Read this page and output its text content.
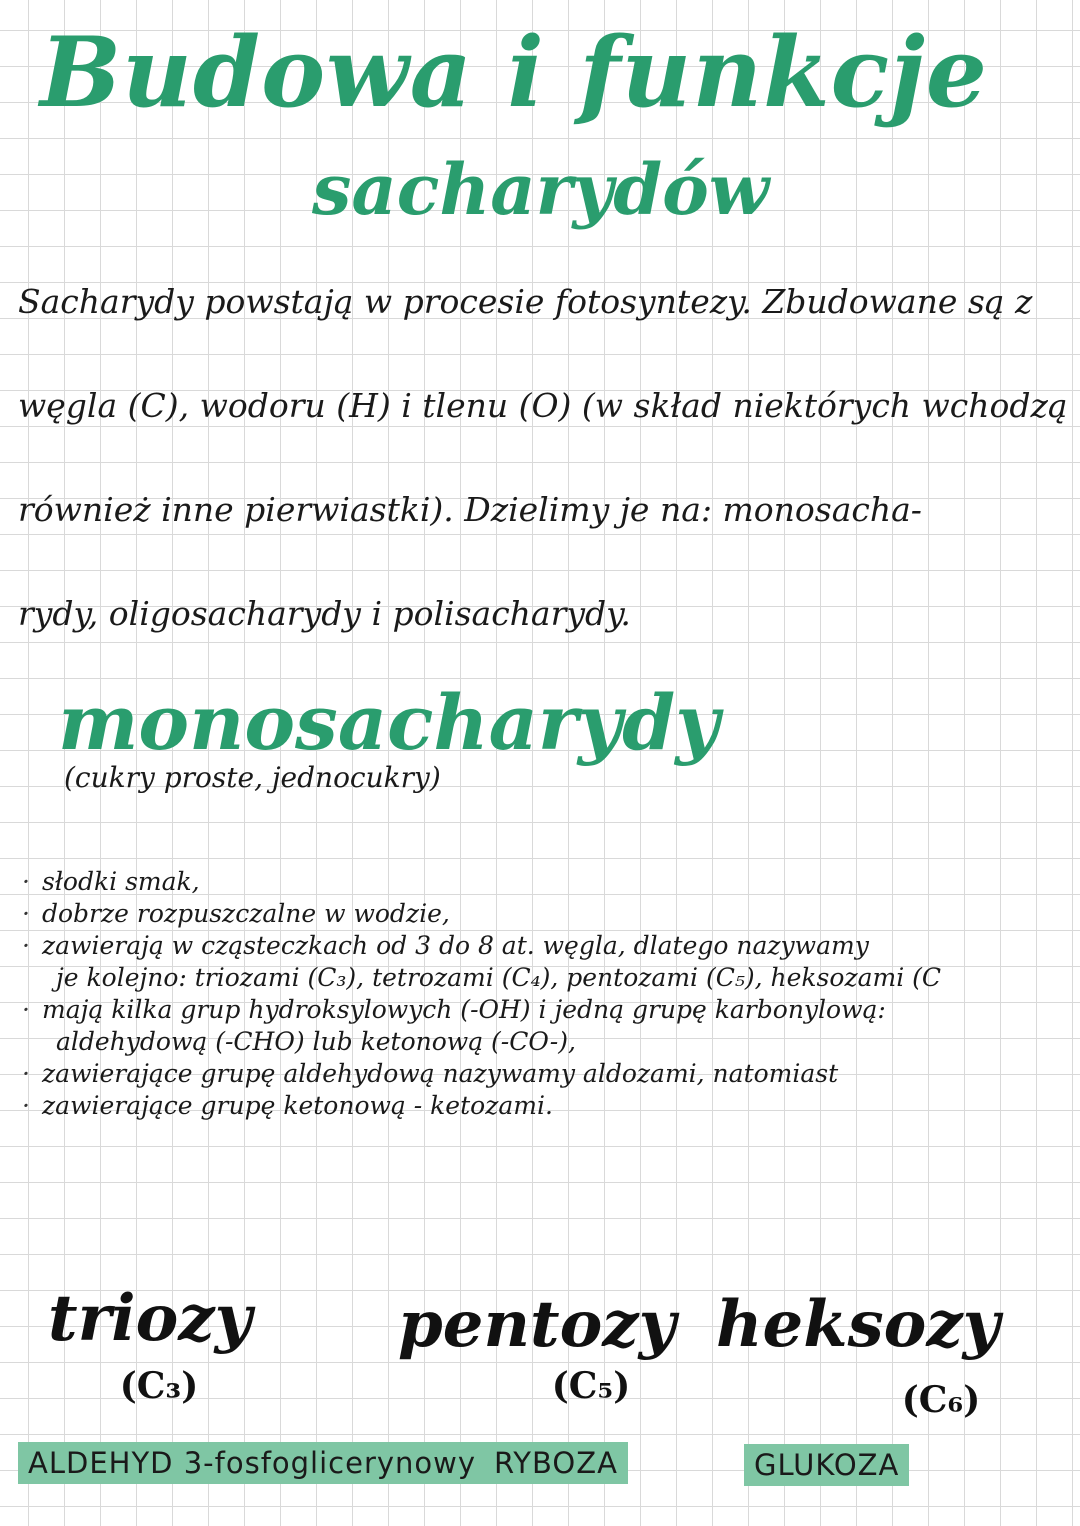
Budowa i funkcje
sacharydów
Sacharydy powstają w procesie fotosyntezy. Zbudowane są z
węgla (C), wodoru (H) i tlenu (O) (w skład niektórych wchodzą
również inne pierwiastki). Dzielimy je na: monosacha-
rydy, oligosacharydy i polisacharydy.
monosacharydy
(cukry proste, jednocukry)
· słodki smak,
· dobrze rozpuszczalne w wodzie,
· zawierają w cząsteczkach od 3 do 8 at. węgla, dlatego nazywamy
je kolejno: triozami (C₃), tetrozami (C₄), pentozami (C₅), heksozami (C
· mają kilka grup hydroksylowych (-OH) i jedną grupę karbonylową:
aldehydową (-CHO) lub ketonową (-CO-),
· zawierające grupę aldehydową nazywamy aldozami, natomiast
· zawierające grupę ketonową - ketozami.
triozy
(C₃)
ALDEHYD 3-fosfoglicerynowy
pentozy
(C₅)
RYBOZA
heksozy
(C₆)
GLUKOZA
